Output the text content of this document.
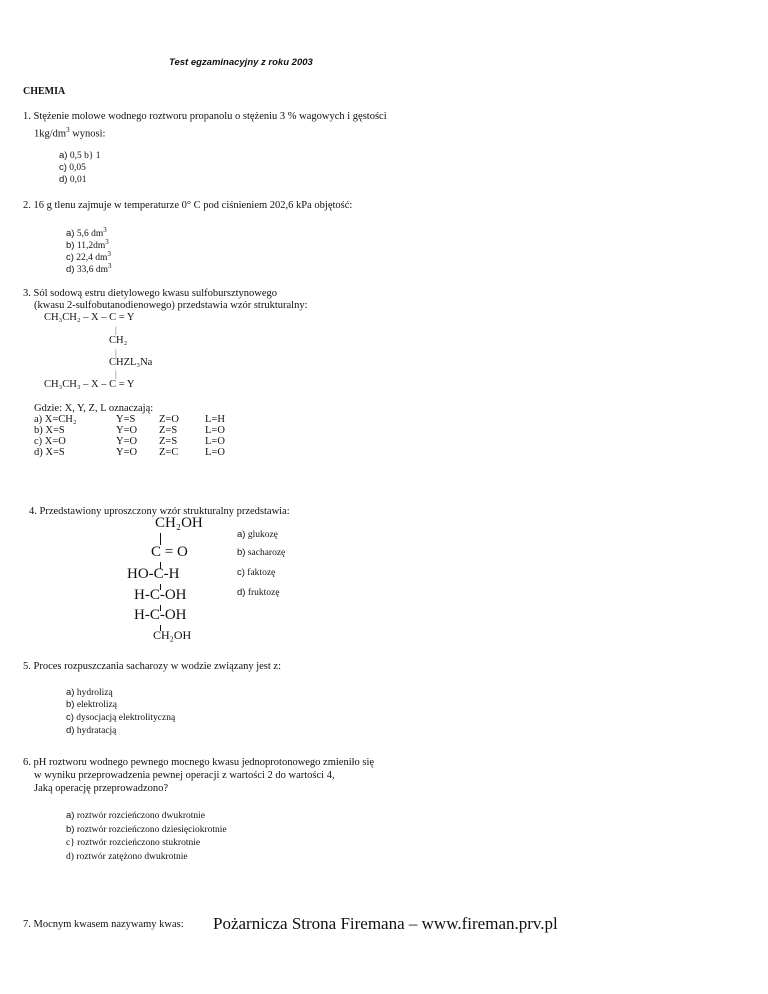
Test egzaminacyjny z roku 2003
CHEMIA
1. Stężenie molowe wodnego roztworu propanolu o stężeniu 3 % wagowych i gęstości
$1kg/dm^3$ wynosi:
a) 0,5 b} 1
c) 0,05
d) 0,01
2. 16 g tlenu zajmuje w temperaturze 0° C pod ciśnieniem 202,6 kPa objętość:
a) 5,6 $dm^3$
b) $11,2dm^3$
c) 22,4 $dm^3$
d) 33,6 $dm^3$
3. Sól sodową estru dietylowego kwasu sulfobursztynowego
(kwasu 2-sulfobutanodienowego) przedstawia wzór strukturalny:
CH₃CH₂ – X – C = Y
|
CH₂
|
CHZL₃Na
|
CH₃CH₃ – X – C = Y
Gdzie: X, Y, Z, L oznaczają:
a) X=CH₂	Y=S Z=O L=H
b) X=S	Y=O Z=S	L=O
c) X=O	Y=O Z=S	L=O
d) X=S	Y=O Z=C	L=O
4. Przedstawiony uproszczony wzór strukturalny przedstawia:
CH₂OH
C = O
HO-C-H
H-C-OH
H-C-OH
CH₂OH
a) glukozę
b) sacharozę
c) faktozę
d) fruktozę
5. Proces rozpuszczania sacharozy w wodzie związany jest z:
a) hydrolizą
b) elektrolizą
c) dysocjacją elektrolityczną
d) hydratacją
6. pH roztworu wodnego pewnego mocnego kwasu jednoprotonowego zmieniło się
w wyniku przeprowadzenia pewnej operacji z wartości 2 do wartości 4,
Jaką operację przeprowadzono?
a) roztwór rozcieńczono dwukrotnie
b) roztwór rozcieńczono dziesięciokrotnie
c} roztwór rozcieńczono stukrotnie
d) roztwór zatężono dwukrotnie
7. Mocnym kwasem nazywamy kwas: Pożarnicza Strona Firemana – www.fireman.prv.pl
